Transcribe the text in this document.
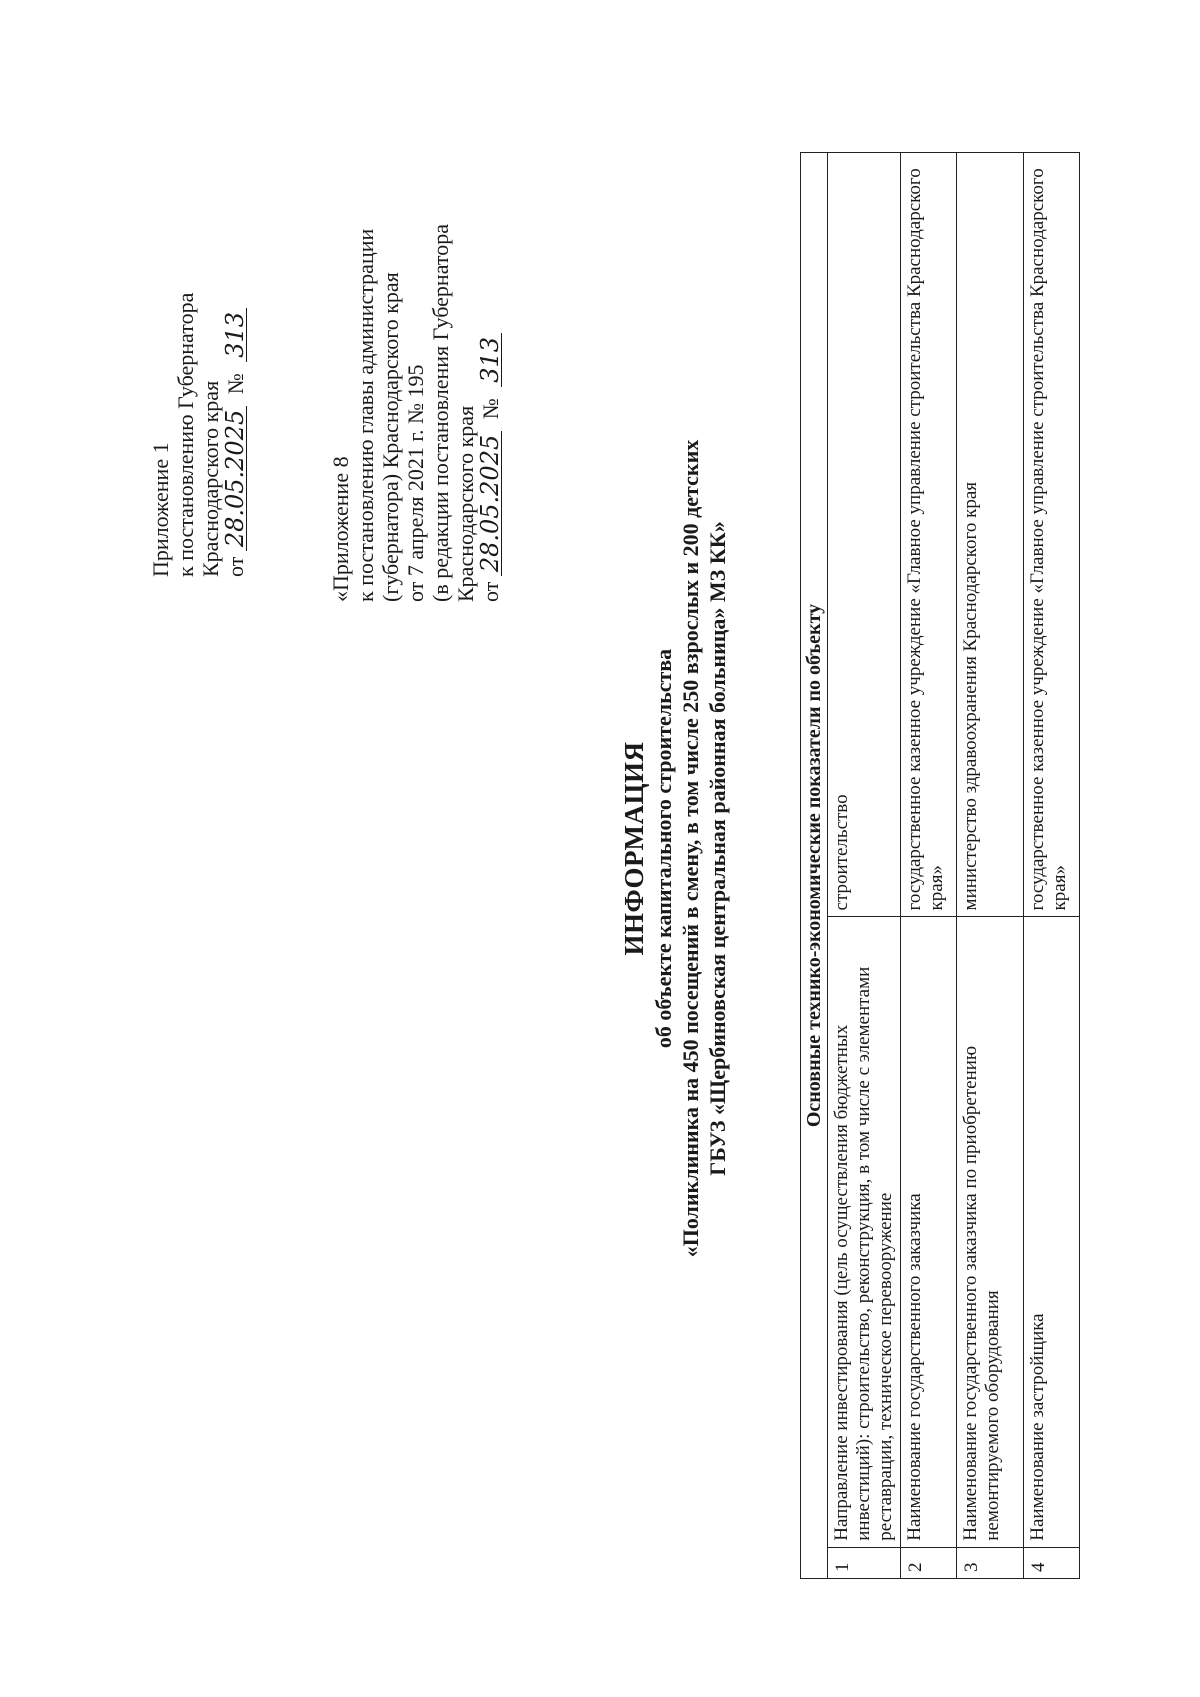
Приложение 1 к постановлению Губернатора Краснодарского края от 28.05.2025 № 313
«Приложение 8 к постановлению главы администрации (губернатора) Краснодарского края от 7 апреля 2021 г. № 195 (в редакции постановления Губернатора Краснодарского края от 28.05.2025 № 313
ИНФОРМАЦИЯ об объекте капитального строительства «Поликлиника на 450 посещений в смену, в том числе 250 взрослых и 200 детских ГБУЗ «Щербиновская центральная районная больница» МЗ КК»	Основные технико-экономические показатели по объекту		
1	Направление инвестирования (цель осуществления бюджетных инвестиций): строительство, реконструкция, в том числе с элементами реставрации, техническое перевооружение	строительство
2	Наименование государственного заказчика	государственное казенное учреждение «Главное управление строительства Краснодарского края»
3	Наименование государственного заказчика по приобретению немонтируемого оборудования	министерство здравоохранения Краснодарского края
4	Наименование застройщика	государственное казенное учреждение «Главное управление строительства Краснодарского края»
